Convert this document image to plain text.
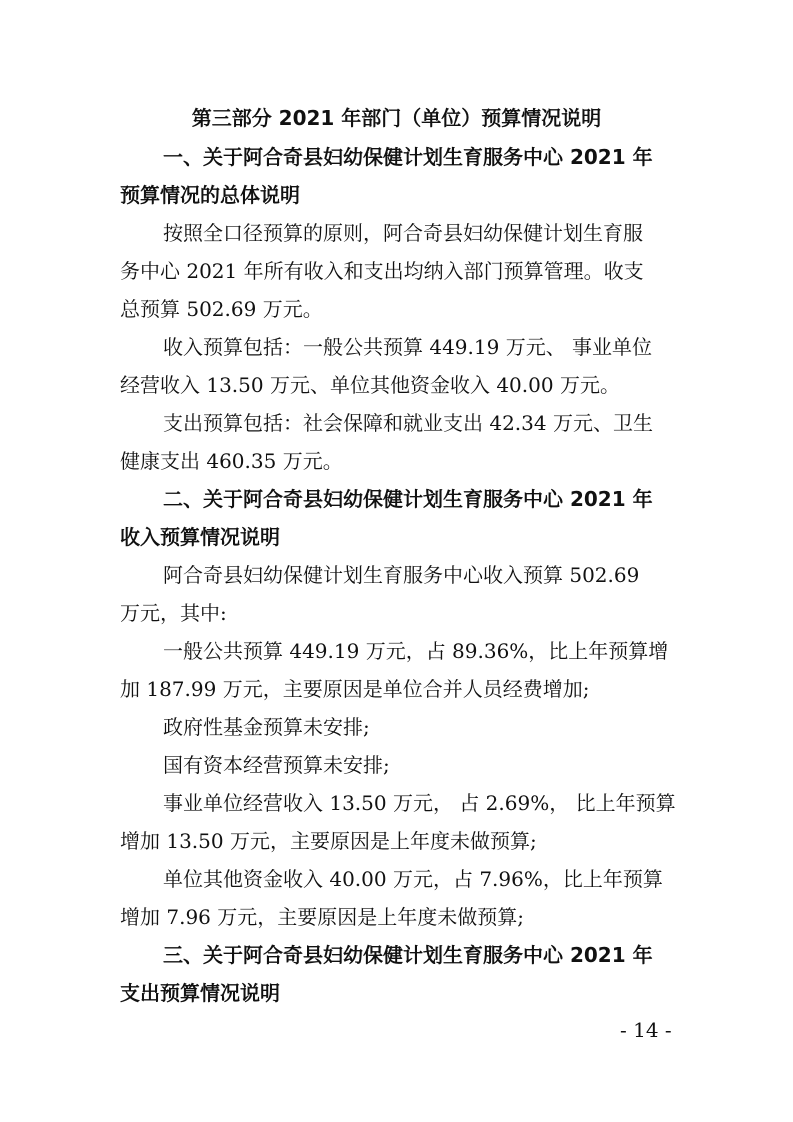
第三部分 2021 年部门（单位）预算情况说明
一、关于阿合奇县妇幼保健计划生育服务中心 2021 年
预算情况的总体说明
按照全口径预算的原则，阿合奇县妇幼保健计划生育服
务中心 2021 年所有收入和支出均纳入部门预算管理。收支
总预算 502.69 万元。
收入预算包括：一般公共预算 449.19 万元、 事业单位
经营收入 13.50 万元、单位其他资金收入 40.00 万元。
支出预算包括：社会保障和就业支出 42.34 万元、卫生
健康支出 460.35 万元。
二、关于阿合奇县妇幼保健计划生育服务中心 2021 年
收入预算情况说明
阿合奇县妇幼保健计划生育服务中心收入预算 502.69
万元，其中:
一般公共预算 449.19 万元，占 89.36%，比上年预算增
加 187.99 万元，主要原因是单位合并人员经费增加;
政府性基金预算未安排;
国有资本经营预算未安排;
事业单位经营收入 13.50 万元， 占 2.69%， 比上年预算
增加 13.50 万元，主要原因是上年度未做预算;
单位其他资金收入 40.00 万元，占 7.96%，比上年预算
增加 7.96 万元，主要原因是上年度未做预算;
三、关于阿合奇县妇幼保健计划生育服务中心 2021 年
支出预算情况说明
- 14 -
